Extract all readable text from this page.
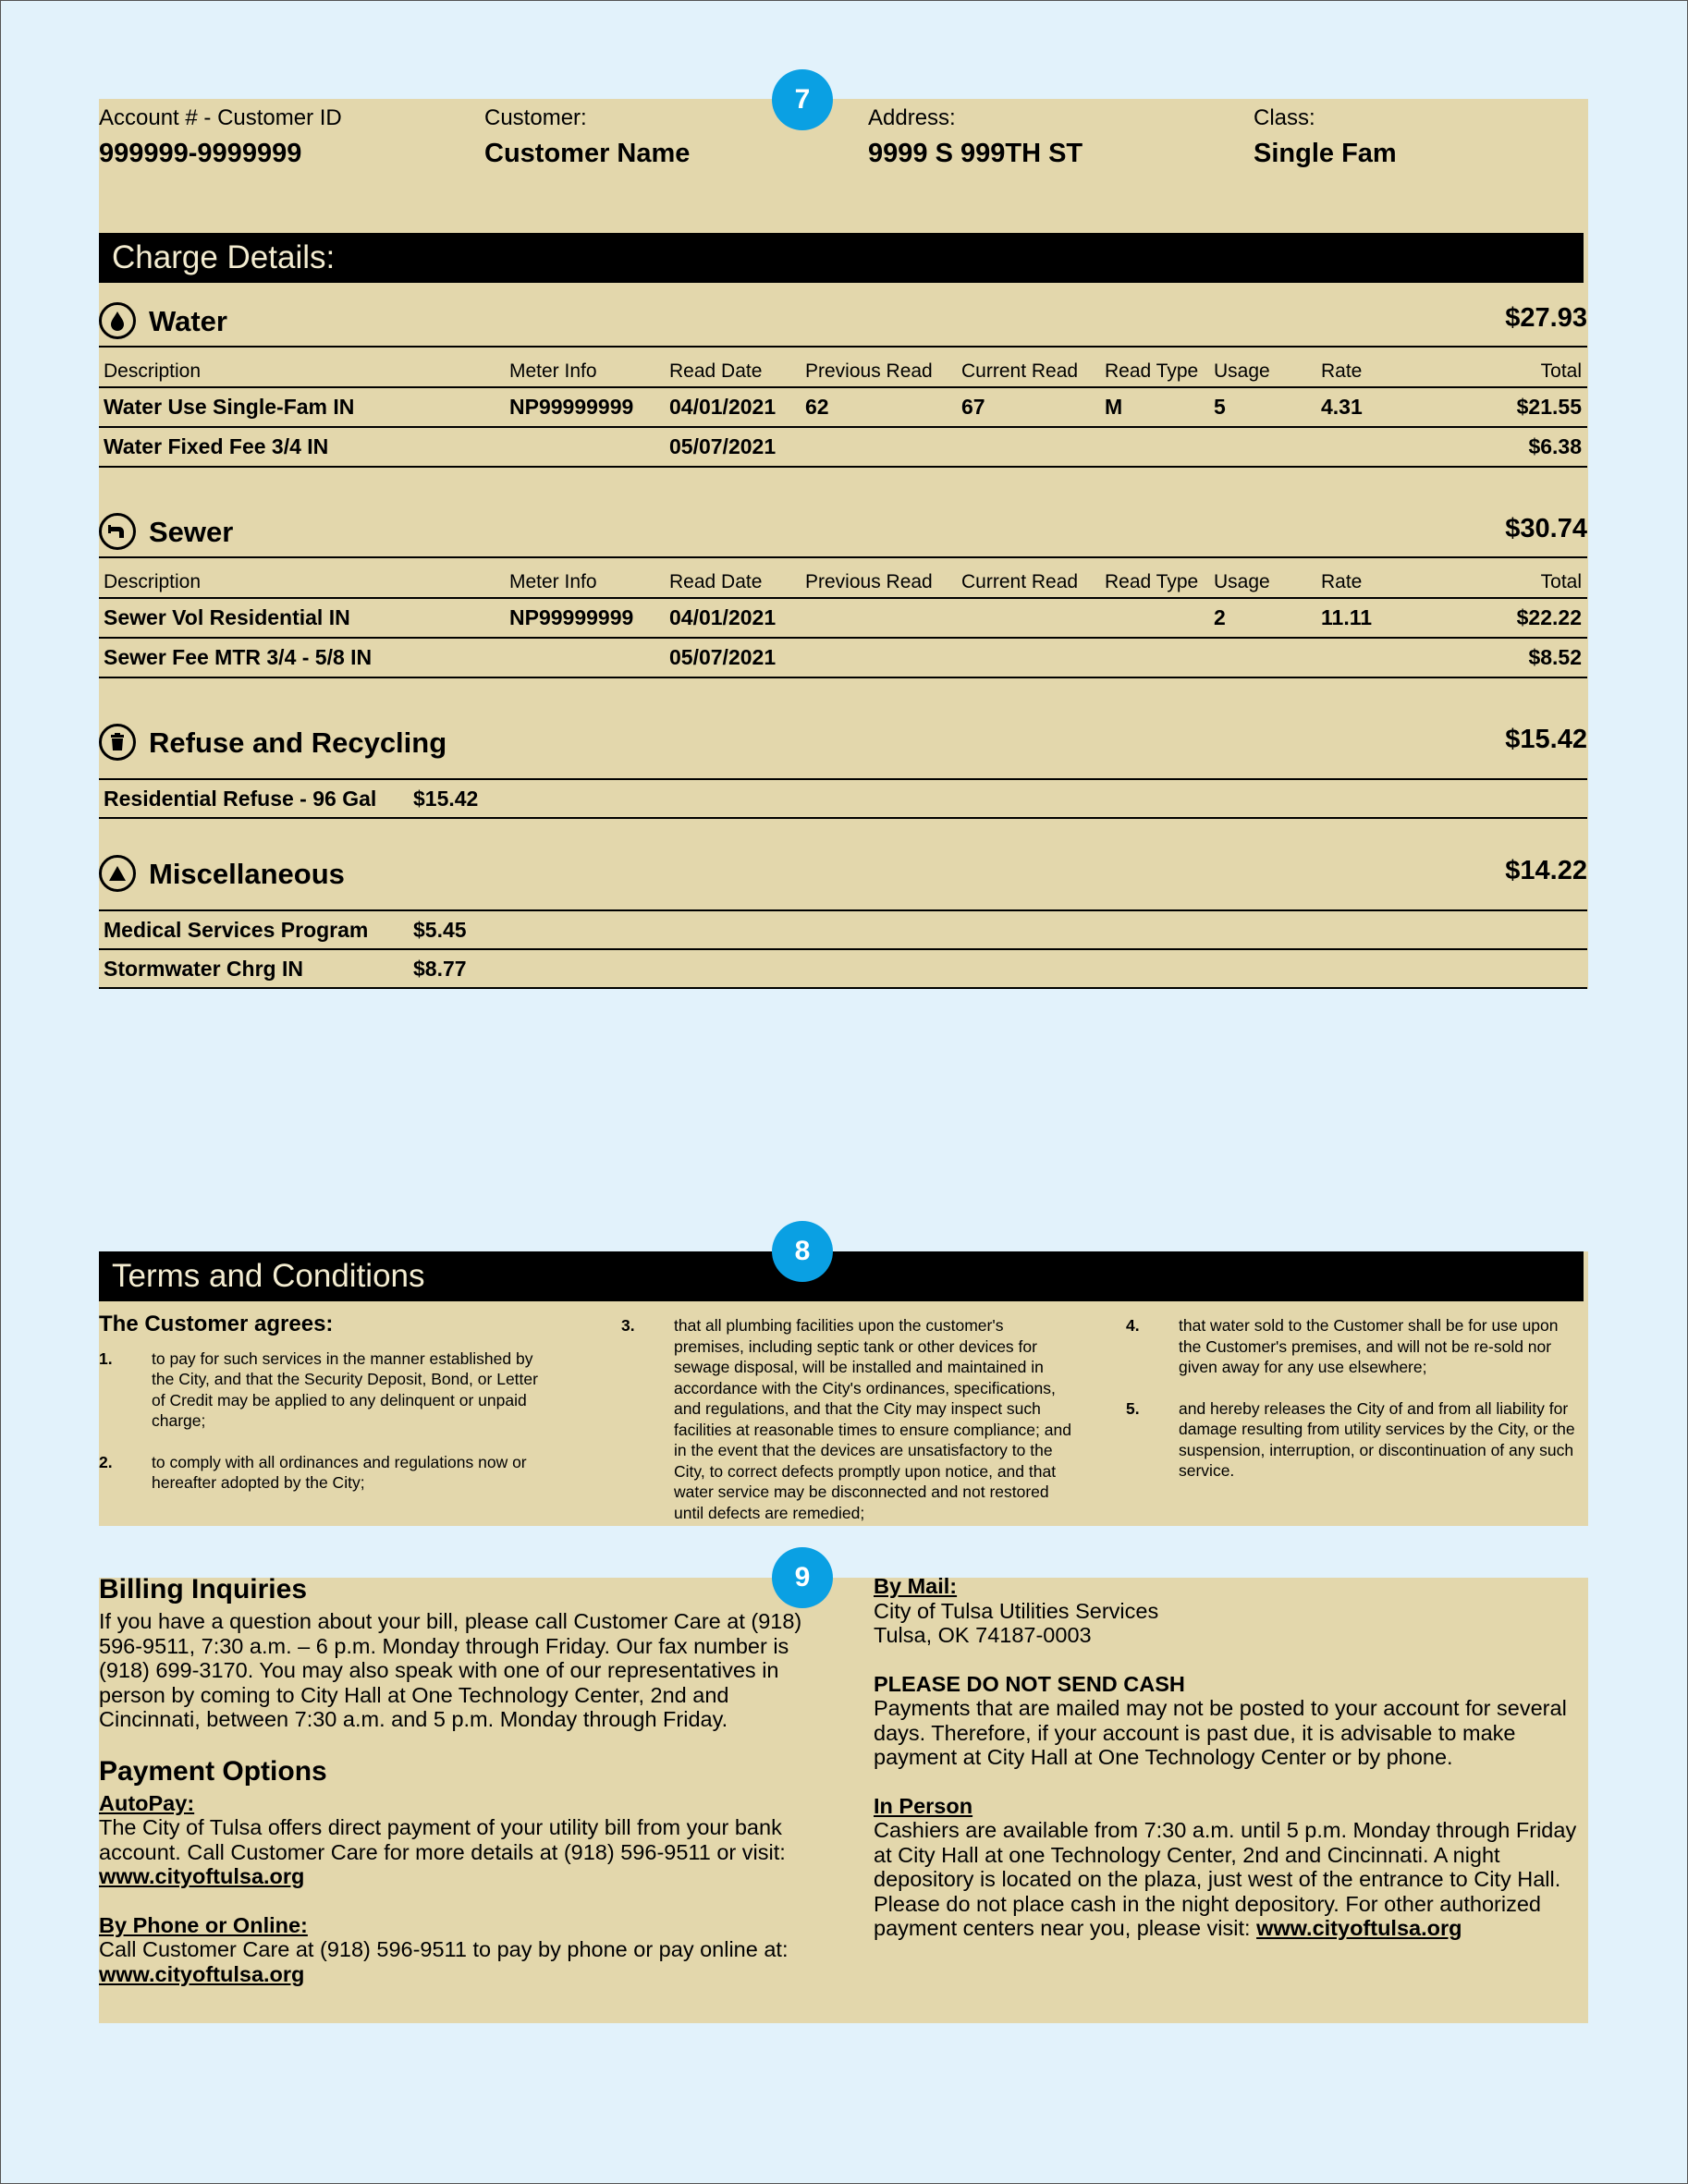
7
Account # - Customer ID
999999-9999999
Customer:
Customer Name
Address:
9999 S 999TH ST
Class:
Single Fam
Charge Details:
Water	$27.93
Description	Meter Info	Read Date	Previous Read	Current Read	Read Type	Usage	Rate	Total
Water Use Single-Fam IN	NP99999999	04/01/2021	62	67	M	5	4.31	$21.55
Water Fixed Fee 3/4 IN		05/07/2021						$6.38
Sewer	$30.74
Description	Meter Info	Read Date	Previous Read	Current Read	Read Type	Usage	Rate	Total
Sewer Vol Residential IN	NP99999999	04/01/2021				2	11.11	$22.22
Sewer Fee MTR 3/4 - 5/8 IN		05/07/2021						$8.52
Refuse and Recycling	$15.42
Residential Refuse - 96 Gal	$15.42
Miscellaneous	$14.22
Medical Services Program	$5.45
Stormwater Chrg IN	$8.77
Terms and Conditions
8
The Customer agrees:
1.	to pay for such services in the manner established by the City, and that the Security Deposit, Bond, or Letter of Credit may be applied to any delinquent or unpaid charge;
2.	to comply with all ordinances and regulations now or hereafter adopted by the City;
3.	that all plumbing facilities upon the customer's premises, including septic tank or other devices for sewage disposal, will be installed and maintained in accordance with the City's ordinances, specifications, and regulations, and that the City may inspect such facilities at reasonable times to ensure compliance; and in the event that the devices are unsatisfactory to the City, to correct defects promptly upon notice, and that water service may be disconnected and not restored until defects are remedied;
4.	that water sold to the Customer shall be for use upon the Customer's premises, and will not be re-sold nor given away for any use elsewhere;
5.	and hereby releases the City of and from all liability for damage resulting from utility services by the City, or the suspension, interruption, or discontinuation of any such service.
9
Billing Inquiries

If you have a question about your bill, please call Customer Care at (918) 596-9511, 7:30 a.m. – 6 p.m. Monday through Friday. Our fax number is (918) 699-3170. You may also speak with one of our representatives in person by coming to City Hall at One Technology Center, 2nd and Cincinnati, between 7:30 a.m. and 5 p.m. Monday through Friday.

Payment Options

AutoPay:

The City of Tulsa offers direct payment of your utility bill from your bank account. Call Customer Care for more details at (918) 596-9511 or visit:

www.cityoftulsa.org

By Phone or Online:

Call Customer Care at (918) 596-9511 to pay by phone or pay online at:

www.cityoftulsa.org

By Mail:

City of Tulsa Utilities Services

Tulsa, OK 74187-0003

PLEASE DO NOT SEND CASH

Payments that are mailed may not be posted to your account for several days. Therefore, if your account is past due, it is advisable to make payment at City Hall at One Technology Center or by phone.

In Person

Cashiers are available from 7:30 a.m. until 5 p.m. Monday through Friday at City Hall at one Technology Center, 2nd and Cincinnati. A night depository is located on the plaza, just west of the entrance to City Hall. Please do not place cash in the night depository. For other authorized payment centers near you, please visit: www.cityoftulsa.org
